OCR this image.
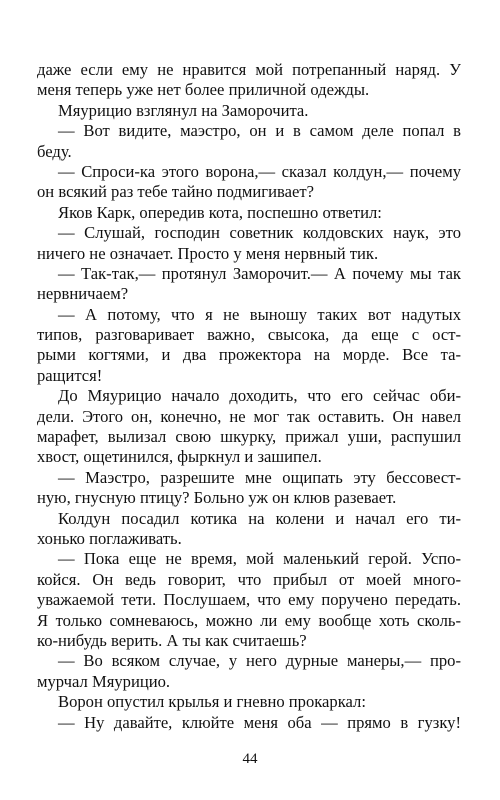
даже если ему не нравится мой потрепанный наряд. У
меня теперь уже нет более приличной одежды.
Мяурицио взглянул на Заморочита.
— Вот видите, маэстро, он и в самом деле попал в
беду.
— Спроси-ка этого ворона,— сказал колдун,— почему
он всякий раз тебе тайно подмигивает?
Яков Карк, опередив кота, поспешно ответил:
— Слушай, господин советник колдовских наук, это
ничего не означает. Просто у меня нервный тик.
— Так-так,— протянул Заморочит.— А почему мы так
нервничаем?
— А потому, что я не выношу таких вот надутых
типов, разговаривает важно, свысока, да еще с ост-
рыми когтями, и два прожектора на морде. Все та-
ращится!
До Мяурицио начало доходить, что его сейчас оби-
дели. Этого он, конечно, не мог так оставить. Он навел
марафет, вылизал свою шкурку, прижал уши, распушил
хвост, ощетинился, фыркнул и зашипел.
— Маэстро, разрешите мне ощипать эту бессовест-
ную, гнусную птицу? Больно уж он клюв разевает.
Колдун посадил котика на колени и начал его ти-
хонько поглаживать.
— Пока еще не время, мой маленький герой. Успо-
койся. Он ведь говорит, что прибыл от моей много-
уважаемой тети. Послушаем, что ему поручено передать.
Я только сомневаюсь, можно ли ему вообще хоть сколь-
ко-нибудь верить. А ты как считаешь?
— Во всяком случае, у него дурные манеры,— про-
мурчал Мяурицио.
Ворон опустил крылья и гневно прокаркал:
— Ну давайте, клюйте меня оба — прямо в гузку!
44
